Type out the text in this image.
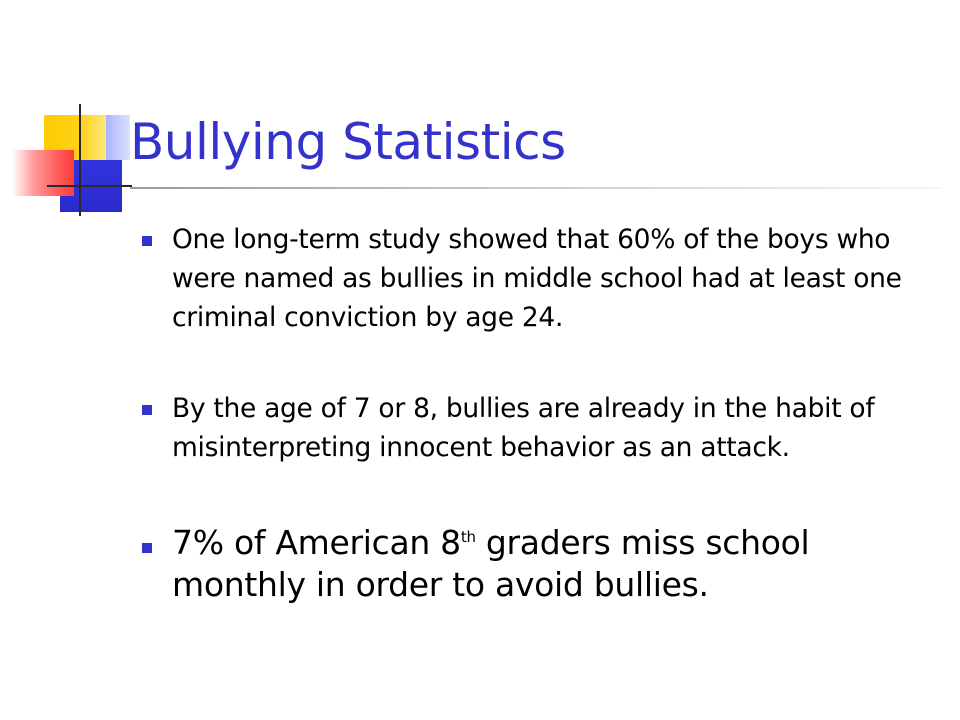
Bullying Statistics
One long-term study showed that 60% of the boys who were named as bullies in middle school had at least one criminal conviction by age 24.
By the age of 7 or 8, bullies are already in the habit of misinterpreting innocent behavior as an attack.
7% of American 8th graders miss school monthly in order to avoid bullies.
